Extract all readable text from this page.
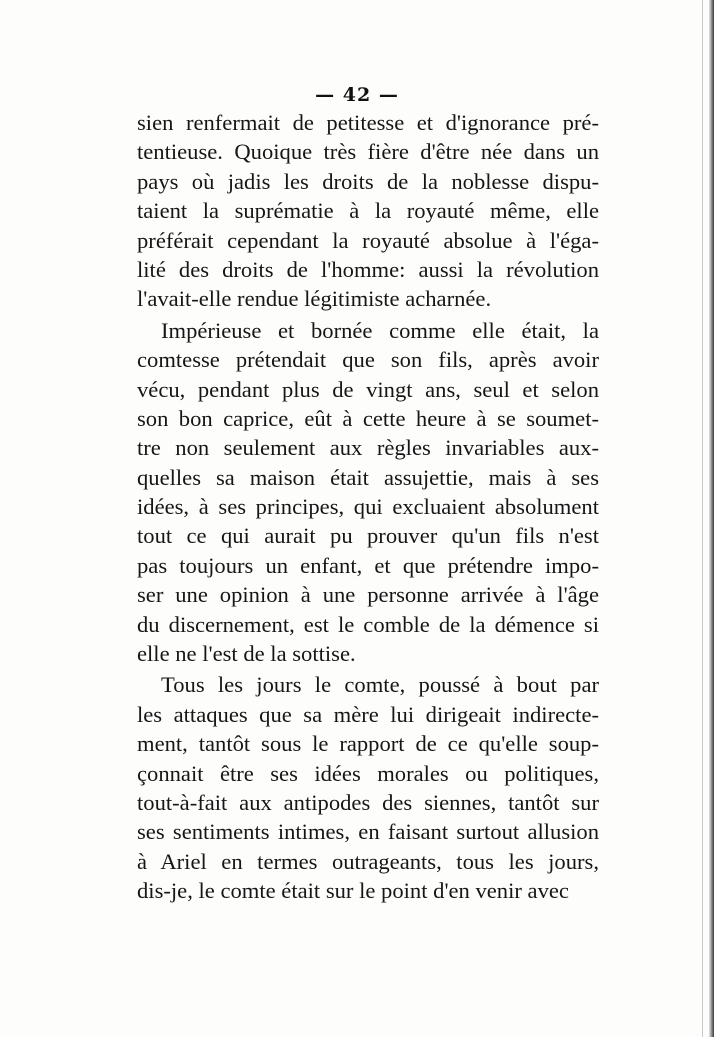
— 42 —
sien renfermait de petitesse et d'ignorance pré-
tentieuse. Quoique très fière d'être née dans un
pays où jadis les droits de la noblesse dispu-
taient la suprématie à la royauté même, elle
préférait cependant la royauté absolue à l'éga-
lité des droits de l'homme: aussi la révolution
l'avait-elle rendue légitimiste acharnée.
Impérieuse et bornée comme elle était, la
comtesse prétendait que son fils, après avoir
vécu, pendant plus de vingt ans, seul et selon
son bon caprice, eût à cette heure à se soumet-
tre non seulement aux règles invariables aux-
quelles sa maison était assujettie, mais à ses
idées, à ses principes, qui excluaient absolument
tout ce qui aurait pu prouver qu'un fils n'est
pas toujours un enfant, et que prétendre impo-
ser une opinion à une personne arrivée à l'âge
du discernement, est le comble de la démence si
elle ne l'est de la sottise.
Tous les jours le comte, poussé à bout par
les attaques que sa mère lui dirigeait indirecte-
ment, tantôt sous le rapport de ce qu'elle soup-
çonnait être ses idées morales ou politiques,
tout-à-fait aux antipodes des siennes, tantôt sur
ses sentiments intimes, en faisant surtout allusion
à Ariel en termes outrageants, tous les jours,
dis-je, le comte était sur le point d'en venir avec
